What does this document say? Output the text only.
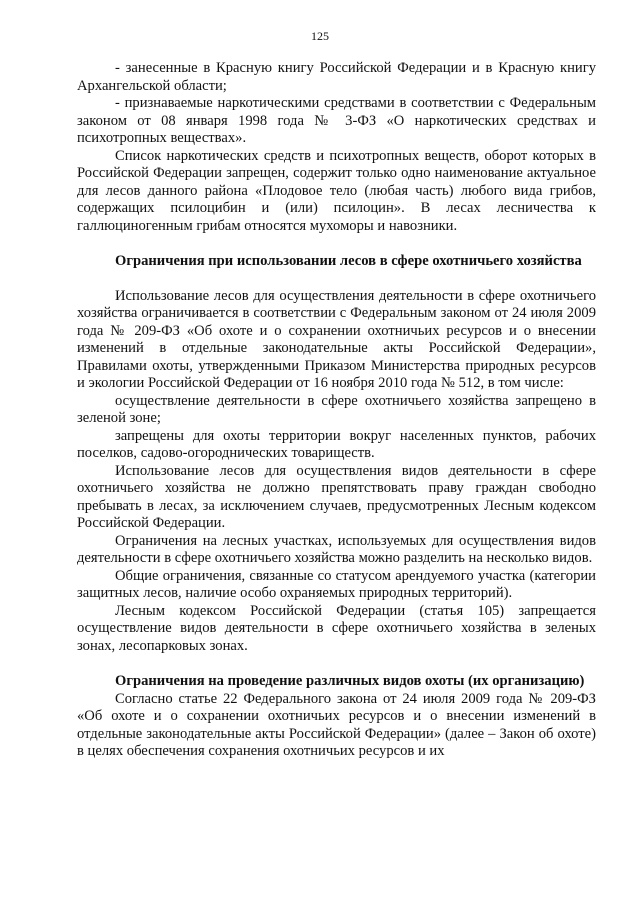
125

- занесенные в Красную книгу Российской Федерации и в Красную книгу Архангельской области;

- признаваемые наркотическими средствами в соответствии с Федеральным законом от 08 января 1998 года № 3-ФЗ «О наркотических средствах и психотропных веществах».

Список наркотических средств и психотропных веществ, оборот которых в Российской Федерации запрещен, содержит только одно наименование актуальное для лесов данного района «Плодовое тело (любая часть) любого вида грибов, содержащих псилоцибин и (или) псилоцин». В лесах лесничества к галлюциногенным грибам относятся мухоморы и навозники.

Ограничения при использовании лесов в сфере охотничьего хозяйства

Использование лесов для осуществления деятельности в сфере охотничьего хозяйства ограничивается в соответствии с Федеральным законом от 24 июля 2009 года № 209-ФЗ «Об охоте и о сохранении охотничьих ресурсов и о внесении изменений в отдельные законодательные акты Российской Федерации», Правилами охоты, утвержденными Приказом Министерства природных ресурсов и экологии Российской Федерации от 16 ноября 2010 года № 512, в том числе:

осуществление деятельности в сфере охотничьего хозяйства запрещено в зеленой зоне;

запрещены для охоты территории вокруг населенных пунктов, рабочих поселков, садово-огороднических товариществ.

Использование лесов для осуществления видов деятельности в сфере охотничьего хозяйства не должно препятствовать праву граждан свободно пребывать в лесах, за исключением случаев, предусмотренных Лесным кодексом Российской Федерации.

Ограничения на лесных участках, используемых для осуществления видов деятельности в сфере охотничьего хозяйства можно разделить на несколько видов.

Общие ограничения, связанные со статусом арендуемого участка (категории защитных лесов, наличие особо охраняемых природных территорий).

Лесным кодексом Российской Федерации (статья 105) запрещается осуществление видов деятельности в сфере охотничьего хозяйства в зеленых зонах, лесопарковых зонах.

Ограничения на проведение различных видов охоты (их организацию)

Согласно статье 22 Федерального закона от 24 июля 2009 года № 209-ФЗ «Об охоте и о сохранении охотничьих ресурсов и о внесении изменений в отдельные законодательные акты Российской Федерации» (далее – Закон об охоте) в целях обеспечения сохранения охотничьих ресурсов и их
